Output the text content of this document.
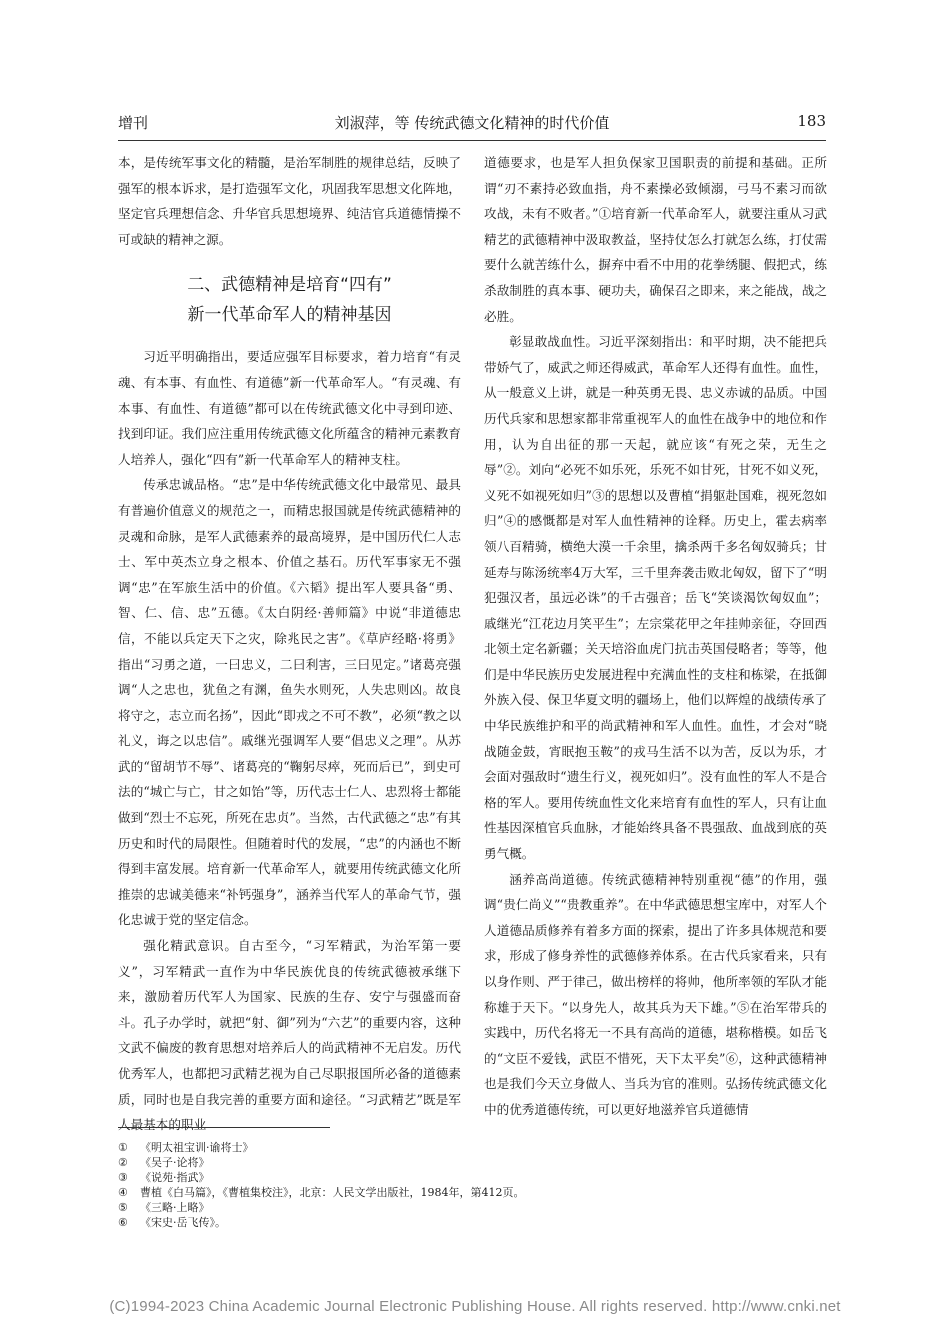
增刊	刘淑萍，等 传统武德文化精神的时代价值	183

本，是传统军事文化的精髓，是治军制胜的规律总结，反映了强军的根本诉求，是打造强军文化，巩固我军思想文化阵地，坚定官兵理想信念、升华官兵思想境界、纯洁官兵道德情操不可或缺的精神之源。

二、武德精神是培育“四有”
新一代革命军人的精神基因

习近平明确指出，要适应强军目标要求，着力培育“有灵魂、有本事、有血性、有道德”新一代革命军人。“有灵魂、有本事、有血性、有道德”都可以在传统武德文化中寻到印迹、找到印证。我们应注重用传统武德文化所蕴含的精神元素教育人培养人，强化“四有”新一代革命军人的精神支柱。

传承忠诚品格。“忠”是中华传统武德文化中最常见、最具有普遍价值意义的规范之一，而精忠报国就是传统武德精神的灵魂和命脉，是军人武德素养的最高境界，是中国历代仁人志士、军中英杰立身之根本、价值之基石。历代军事家无不强调“忠”在军旅生活中的价值。《六韬》提出军人要具备“勇、智、仁、信、忠”五德。《太白阴经·善师篇》中说“非道德忠信，不能以兵定天下之灾，除兆民之害”。《草庐经略·将勇》指出“习勇之道，一曰忠义，二曰利害，三曰见定。”诸葛亮强调“人之忠也，犹鱼之有渊，鱼失水则死，人失忠则凶。故良将守之，志立而名扬”，因此“即戎之不可不教”，必须“教之以礼义，诲之以忠信”。戚继光强调军人要“倡忠义之理”。从苏武的“留胡节不辱”、诸葛亮的“鞠躬尽瘁，死而后已”，到史可法的“城亡与亡，甘之如饴”等，历代志士仁人、忠烈将士都能做到“烈士不忘死，所死在忠贞”。当然，古代武德之“忠”有其历史和时代的局限性。但随着时代的发展，“忠”的内涵也不断得到丰富发展。培育新一代革命军人，就要用传统武德文化所推崇的忠诚美德来“补钙强身”，涵养当代军人的革命气节，强化忠诚于党的坚定信念。

强化精武意识。自古至今，“习军精武，为治军第一要义”，习军精武一直作为中华民族优良的传统武德被承继下来，激励着历代军人为国家、民族的生存、安宁与强盛而奋斗。孔子办学时，就把“射、御”列为“六艺”的重要内容，这种文武不偏废的教育思想对培养后人的尚武精神不无启发。历代优秀军人，也都把习武精艺视为自己尽职报国所必备的道德素质，同时也是自我完善的重要方面和途径。“习武精艺”既是军人最基本的职业

道德要求，也是军人担负保家卫国职责的前提和基础。正所谓“刃不素持必致血指，舟不素操必致倾溺，弓马不素习而欲攻战，未有不败者。”①培育新一代革命军人，就要注重从习武精艺的武德精神中汲取教益，坚持仗怎么打就怎么练，打仗需要什么就苦练什么，摒弃中看不中用的花拳绣腿、假把式，练杀敌制胜的真本事、硬功夫，确保召之即来，来之能战，战之必胜。

彰显敢战血性。习近平深刻指出：和平时期，决不能把兵带娇气了，威武之师还得威武，革命军人还得有血性。血性，从一般意义上讲，就是一种英勇无畏、忠义赤诚的品质。中国历代兵家和思想家都非常重视军人的血性在战争中的地位和作用，认为自出征的那一天起，就应该“有死之荣，无生之辱”②。刘向“必死不如乐死，乐死不如甘死，甘死不如义死，义死不如视死如归”③的思想以及曹植“捐躯赴国难，视死忽如归”④的感慨都是对军人血性精神的诠释。历史上，霍去病率领八百精骑，横绝大漠一千余里，擒杀两千多名匈奴骑兵；甘延寿与陈汤统率4万大军，三千里奔袭击败北匈奴，留下了“明犯强汉者，虽远必诛”的千古强音；岳飞“笑谈渴饮匈奴血”；戚继光“江花边月笑平生”；左宗棠花甲之年挂帅亲征，夺回西北领土定名新疆；关天培浴血虎门抗击英国侵略者；等等，他们是中华民族历史发展进程中充满血性的支柱和栋梁，在抵御外族入侵、保卫华夏文明的疆场上，他们以辉煌的战绩传承了中华民族维护和平的尚武精神和军人血性。血性，才会对“晓战随金鼓，宵眠抱玉鞍”的戎马生活不以为苦，反以为乐，才会面对强敌时“遗生行义，视死如归”。没有血性的军人不是合格的军人。要用传统血性文化来培育有血性的军人，只有让血性基因深植官兵血脉，才能始终具备不畏强敌、血战到底的英勇气概。

涵养高尚道德。传统武德精神特别重视“德”的作用，强调“贵仁尚义”“贵教重养”。在中华武德思想宝库中，对军人个人道德品质修养有着多方面的探索，提出了许多具体规范和要求，形成了修身养性的武德修养体系。在古代兵家看来，只有以身作则、严于律己，做出榜样的将帅，他所率领的军队才能称雄于天下。“以身先人，故其兵为天下雄。”⑤在治军带兵的实践中，历代名将无一不具有高尚的道德，堪称楷模。如岳飞的“文臣不爱钱，武臣不惜死，天下太平矣”⑥，这种武德精神也是我们今天立身做人、当兵为官的准则。弘扬传统武德文化中的优秀道德传统，可以更好地滋养官兵道德情

① 《明太祖宝训·谕将士》
② 《吴子·论将》
③ 《说苑·指武》
④ 曹植《白马篇》，《曹植集校注》，北京：人民文学出版社，1984年，第412页。
⑤ 《三略·上略》
⑥ 《宋史·岳飞传》。
(C)1994-2023 China Academic Journal Electronic Publishing House. All rights reserved. http://www.cnki.net
